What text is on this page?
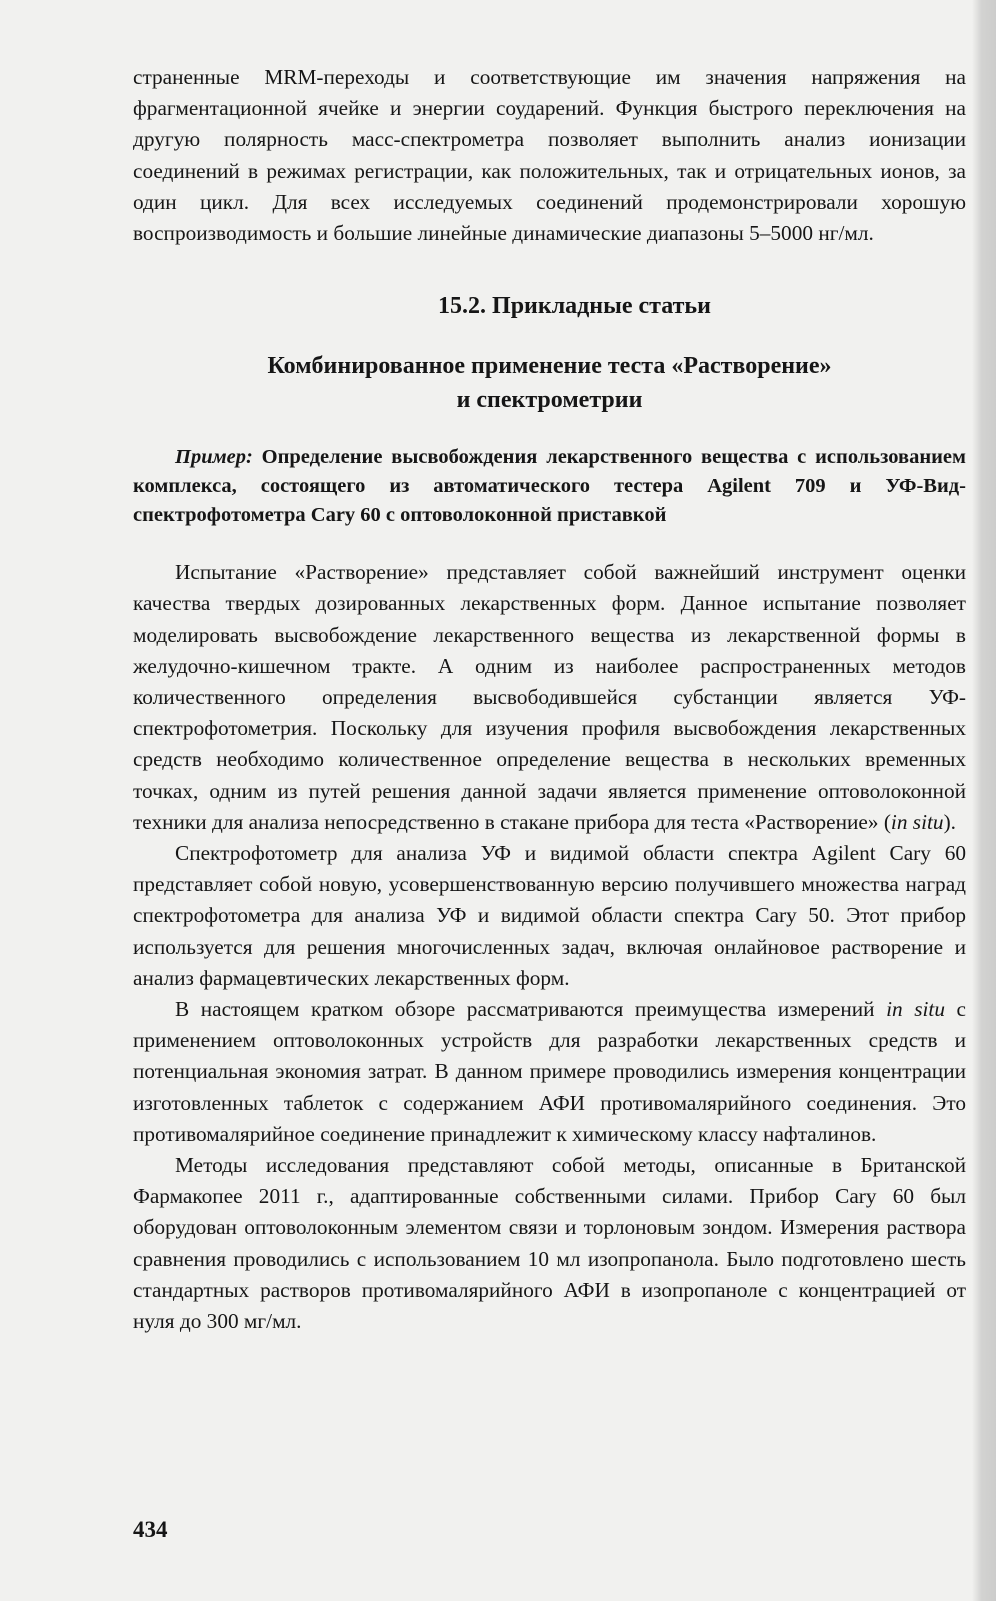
страненные MRM-переходы и соответствующие им значения напряжения на фрагментационной ячейке и энергии соударений. Функция быстрого переключения на другую полярность масс-спектрометра позволяет выполнить анализ ионизации соединений в режимах регистрации, как положительных, так и отрицательных ионов, за один цикл. Для всех исследуемых соединений продемонстрировали хорошую воспроизводимость и большие линейные динамические диапазоны 5–5000 нг/мл.

15.2. Прикладные статьи
Комбинированное применение теста «Растворение»
и спектрометрии
Пример: Определение высвобождения лекарственного вещества с использованием комплекса, состоящего из автоматического тестера Agilent 709 и УФ-Вид-спектрофотометра Cary 60 с оптоволоконной приставкой

Испытание «Растворение» представляет собой важнейший инструмент оценки качества твердых дозированных лекарственных форм. Данное испытание позволяет моделировать высвобождение лекарственного вещества из лекарственной формы в желудочно-кишечном тракте. А одним из наиболее распространенных методов количественного определения высвободившейся субстанции является УФ-спектрофотометрия. Поскольку для изучения профиля высвобождения лекарственных средств необходимо количественное определение вещества в нескольких временных точках, одним из путей решения данной задачи является применение оптоволоконной техники для анализа непосредственно в стакане прибора для теста «Растворение» (in situ).

Спектрофотометр для анализа УФ и видимой области спектра Agilent Cary 60 представляет собой новую, усовершенствованную версию получившего множества наград спектрофотометра для анализа УФ и видимой области спектра Cary 50. Этот прибор используется для решения многочисленных задач, включая онлайновое растворение и анализ фармацевтических лекарственных форм.

В настоящем кратком обзоре рассматриваются преимущества измерений in situ с применением оптоволоконных устройств для разработки лекарственных средств и потенциальная экономия затрат. В данном примере проводились измерения концентрации изготовленных таблеток с содержанием АФИ противомалярийного соединения. Это противомалярийное соединение принадлежит к химическому классу нафталинов.

Методы исследования представляют собой методы, описанные в Британской Фармакопее 2011 г., адаптированные собственными силами. Прибор Cary 60 был оборудован оптоволоконным элементом связи и торлоновым зондом. Измерения раствора сравнения проводились с использованием 10 мл изопропанола. Было подготовлено шесть стандартных растворов противомалярийного АФИ в изопропаноле с концентрацией от нуля до 300 мг/мл.

434
